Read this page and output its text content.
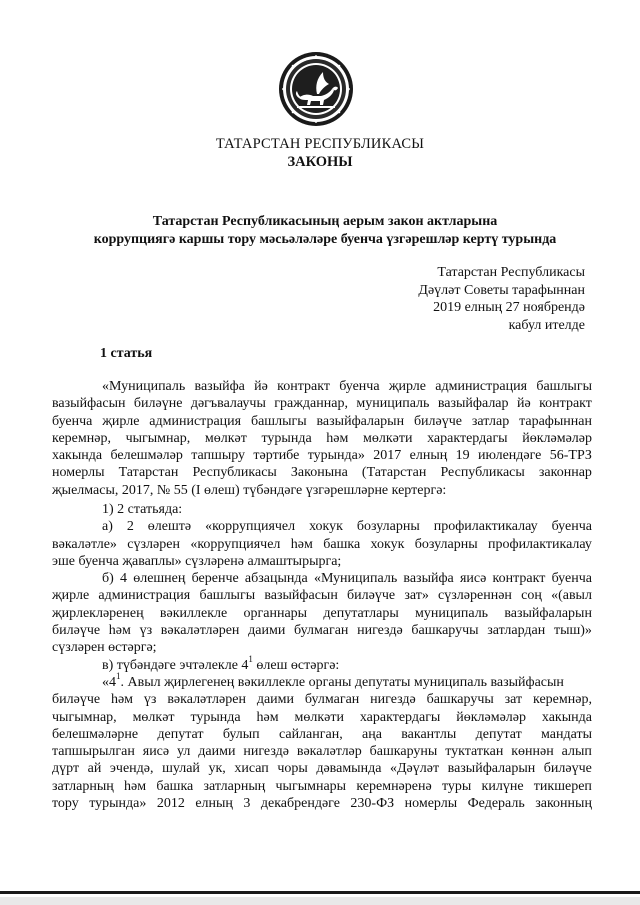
ТАТАРСТАН РЕСПУБЛИКАСЫ
ЗАКОНЫ
Татарстан Республикасының аерым закон актларына
коррупциягә каршы тору мәсьәләләре буенча үзгәрешләр кертү турында
Татарстан Республикасы
Дәүләт Советы тарафыннан
2019 елның 27 ноябрендә
кабул ителде
1 статья
«Муниципаль вазыйфа йә контракт буенча җирле администрация башлыгы
вазыйфасын биләүне дәгъвалаучы гражданнар, муниципаль вазыйфалар йә контракт
буенча җирле администрация башлыгы вазыйфаларын биләүче затлар тарафыннан
керемнәр, чыгымнар, мөлкәт турында һәм мөлкәти характердагы йөкләмәләр
хакында белешмәләр тапшыру тәртибе турында» 2017 елның 19 июлендәге 56-ТРЗ
номерлы Татарстан Республикасы Законына (Татарстан Республикасы законнар
җыелмасы, 2017, № 55 (I өлеш) түбәндәге үзгәрешләрне кертергә:
1) 2 статьяда:
а) 2 өлештә «коррупциячел хокук бозуларны профилактикалау буенча
вәкаләтле» сүзләрен «коррупциячел һәм башка хокук бозуларны профилактикалау
эше буенча җаваплы» сүзләренә алмаштырырга;
б) 4 өлешнең беренче абзацында «Муниципаль вазыйфа яисә контракт буенча
җирле администрация башлыгы вазыйфасын биләүче зат» сүзләреннән соң «(авыл
җирлекләренең вәкиллекле органнары депутатлары муниципаль вазыйфаларын
биләүче һәм үз вәкаләтләрен даими булмаган нигездә башкаручы затлардан тыш)»
сүзләрен өстәргә;
в) түбәндәге эчтәлекле 4 1 өлеш өстәргә:
«4 1 . Авыл җирлегенең вәкиллекле органы депутаты муниципаль вазыйфасын
биләүче һәм үз вәкаләтләрен даими булмаган нигездә башкаручы зат керемнәр,
чыгымнар, мөлкәт турында һәм мөлкәти характердагы йөкләмәләр хакында
белешмәләрне депутат булып сайланган, аңа вакантлы депутат мандаты
тапшырылган яисә ул даими нигездә вәкаләтләр башкаруны туктаткан көннән алып
дүрт ай эчендә, шулай ук, хисап чоры дәвамында «Дәүләт вазыйфаларын биләүче
затларның һәм башка затларның чыгымнары керемнәренә туры килүне тикшереп
тору турында» 2012 елның 3 декабрендәге 230-ФЗ номерлы Федераль законның
